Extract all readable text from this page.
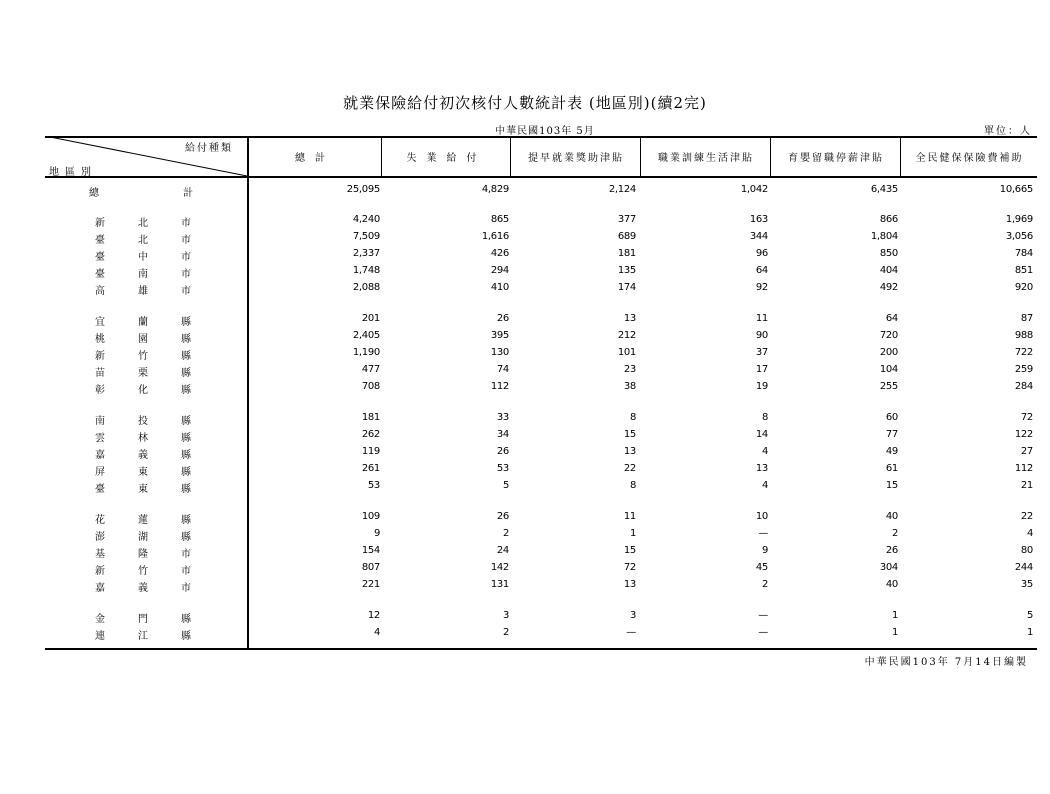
就業保險給付初次核付人數統計表 (地區別)(續2完)
中華民國103年 5月	單位：人
給付種類
地區別
總計	失業給付	提早就業獎助津貼	職業訓練生活津貼	育嬰留職停薪津貼	全民健保保險費補助
總	計	25,095	4,829	2,124	1,042	6,435	10,665
新	北	市	4,240	865	377	163	866	1,969
臺	北	市	7,509	1,616	689	344	1,804	3,056
臺	中	市	2,337	426	181	96	850	784
臺	南	市	1,748	294	135	64	404	851
高	雄	市	2,088	410	174	92	492	920
宜	蘭	縣	201	26	13	11	64	87
桃	園	縣	2,405	395	212	90	720	988
新	竹	縣	1,190	130	101	37	200	722
苗	栗	縣	477	74	23	17	104	259
彰	化	縣	708	112	38	19	255	284
南	投	縣	181	33	8	8	60	72
雲	林	縣	262	34	15	14	77	122
嘉	義	縣	119	26	13	4	49	27
屏	東	縣	261	53	22	13	61	112
臺	東	縣	53	5	8	4	15	21
花	蓮	縣	109	26	11	10	40	22
澎	湖	縣	9	2	1	—	2	4
基	隆	市	154	24	15	9	26	80
新	竹	市	807	142	72	45	304	244
嘉	義	市	221	131	13	2	40	35
金	門	縣	12	3	3	—	1	5
連	江	縣	4	2	—	—	1	1
中華民國103年 7月14日編製
